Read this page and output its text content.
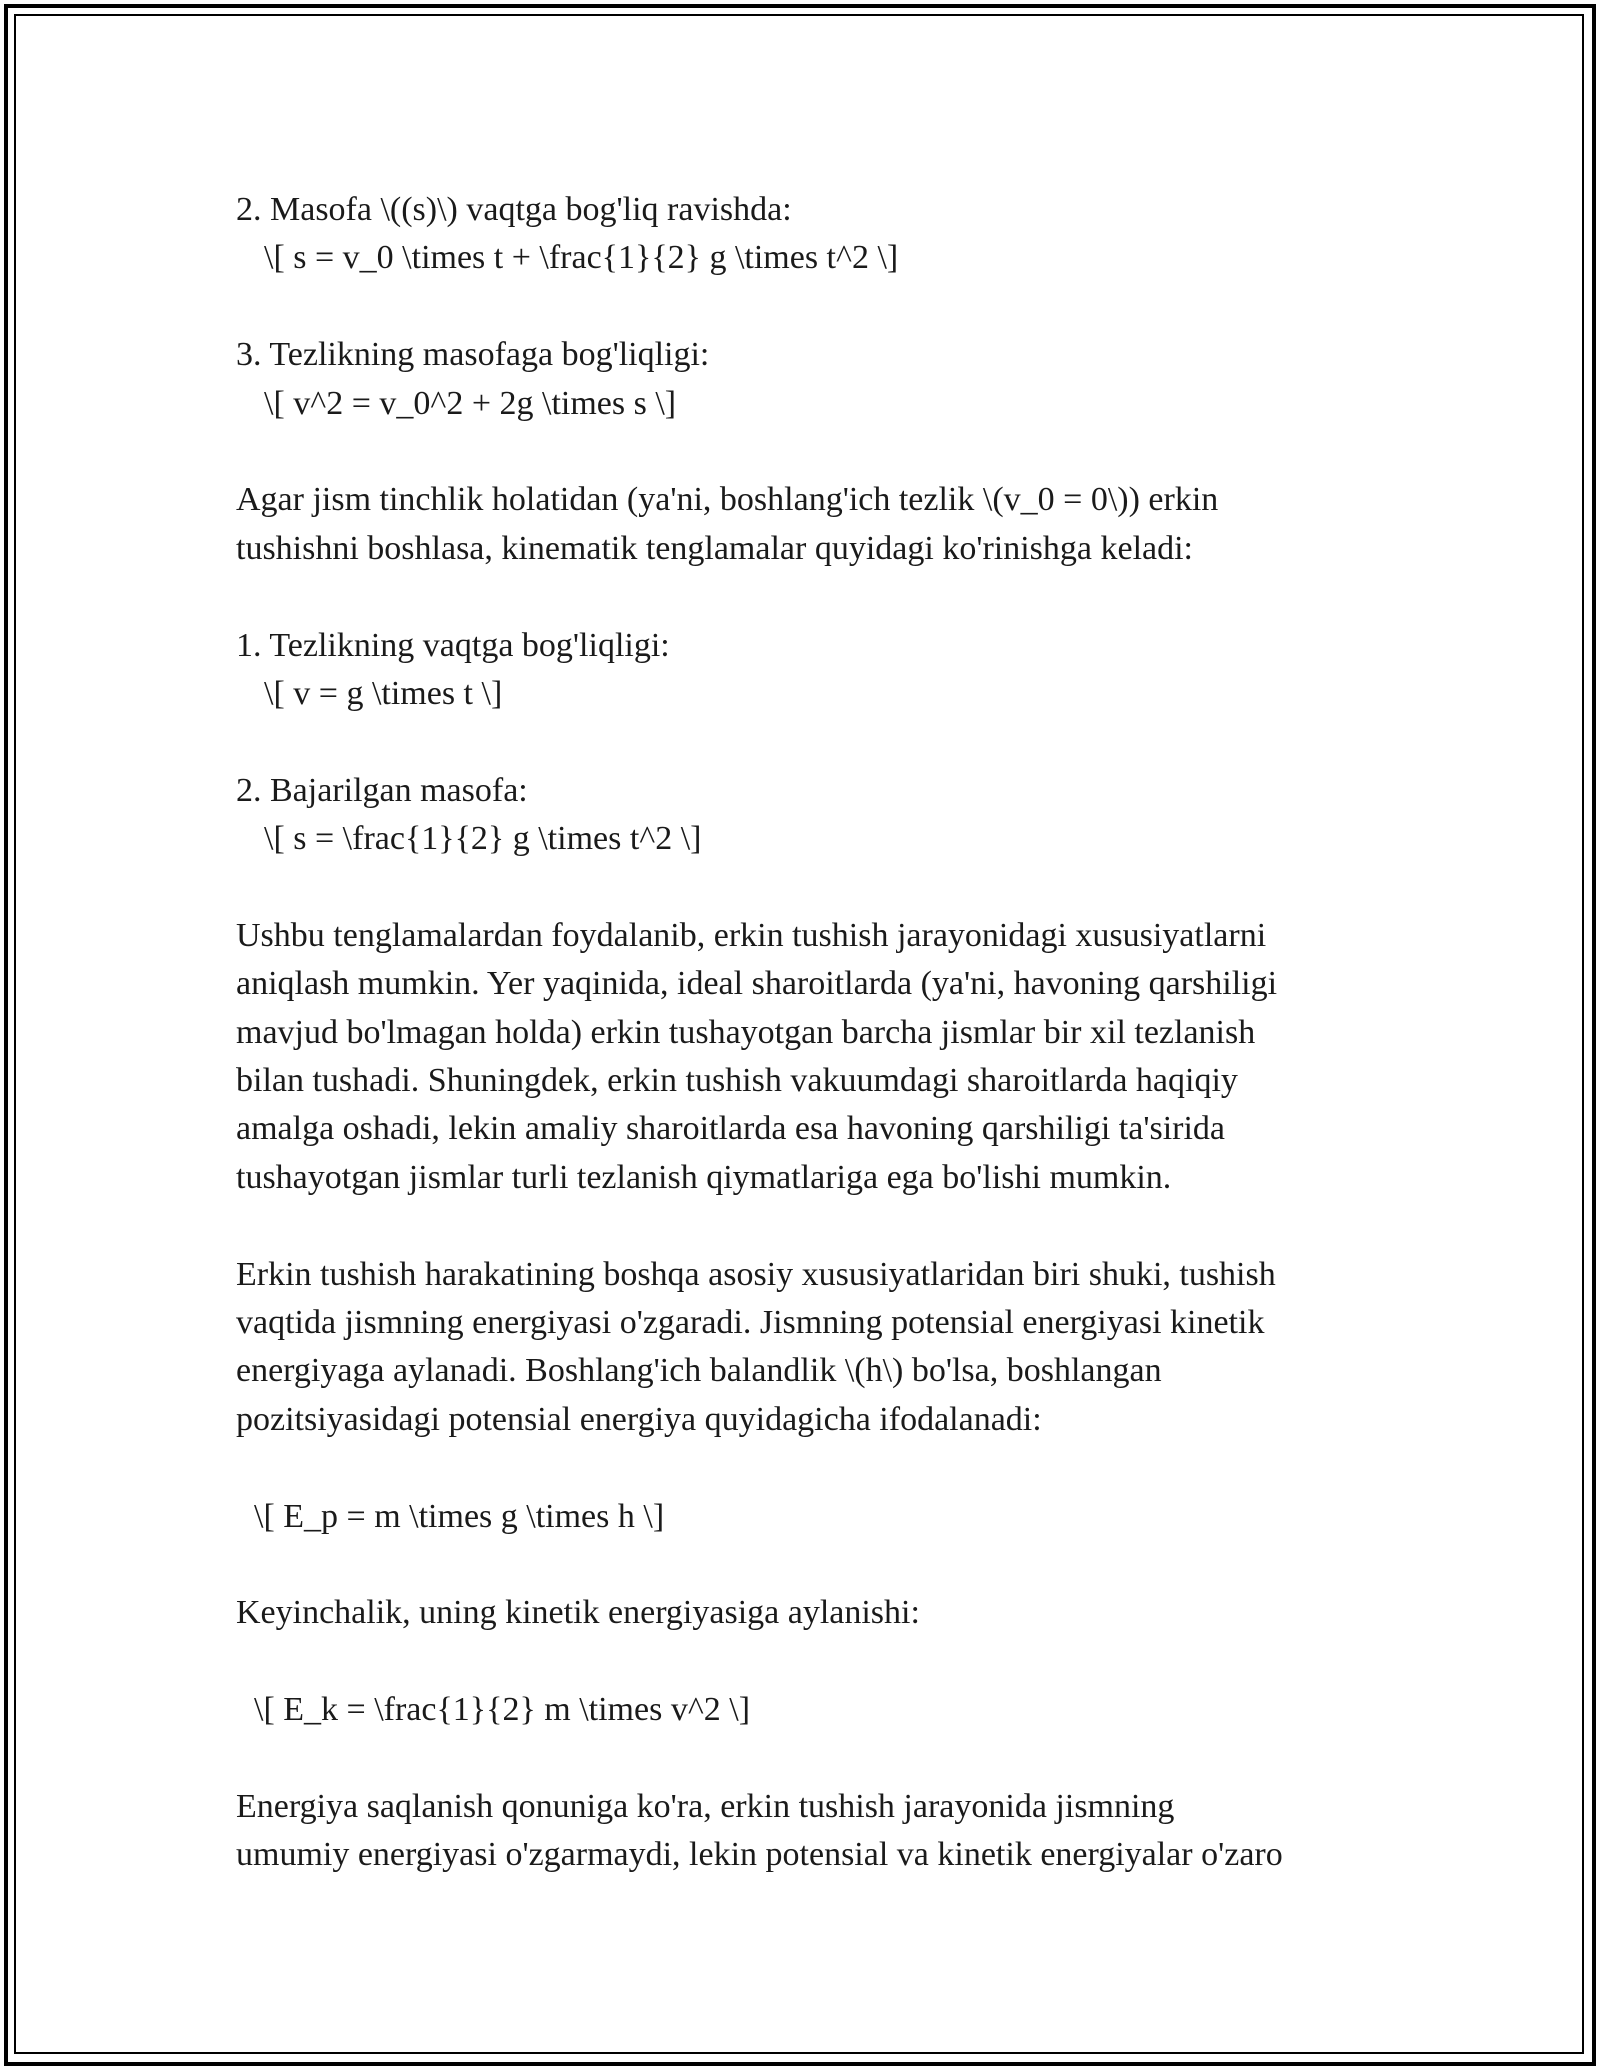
2. Masofa \((s)\) vaqtga bog'liq ravishda:
\[ s = v_0 \times t + \frac{1}{2} g \times t^2 \]
3. Tezlikning masofaga bog'liqligi:
\[ v^2 = v_0^2 + 2g \times s \]
Agar jism tinchlik holatidan (ya'ni, boshlang'ich tezlik \(v_0 = 0\)) erkin
tushishni boshlasa, kinematik tenglamalar quyidagi ko'rinishga keladi:
1. Tezlikning vaqtga bog'liqligi:
\[ v = g \times t \]
2. Bajarilgan masofa:
\[ s = \frac{1}{2} g \times t^2 \]
Ushbu tenglamalardan foydalanib, erkin tushish jarayonidagi xususiyatlarni
aniqlash mumkin. Yer yaqinida, ideal sharoitlarda (ya'ni, havoning qarshiligi
mavjud bo'lmagan holda) erkin tushayotgan barcha jismlar bir xil tezlanish
bilan tushadi. Shuningdek, erkin tushish vakuumdagi sharoitlarda haqiqiy
amalga oshadi, lekin amaliy sharoitlarda esa havoning qarshiligi ta'sirida
tushayotgan jismlar turli tezlanish qiymatlariga ega bo'lishi mumkin.
Erkin tushish harakatining boshqa asosiy xususiyatlaridan biri shuki, tushish
vaqtida jismning energiyasi o'zgaradi. Jismning potensial energiyasi kinetik
energiyaga aylanadi. Boshlang'ich balandlik \(h\) bo'lsa, boshlangan
pozitsiyasidagi potensial energiya quyidagicha ifodalanadi:
\[ E_p = m \times g \times h \]
Keyinchalik, uning kinetik energiyasiga aylanishi:
\[ E_k = \frac{1}{2} m \times v^2 \]
Energiya saqlanish qonuniga ko'ra, erkin tushish jarayonida jismning
umumiy energiyasi o'zgarmaydi, lekin potensial va kinetik energiyalar o'zaro
